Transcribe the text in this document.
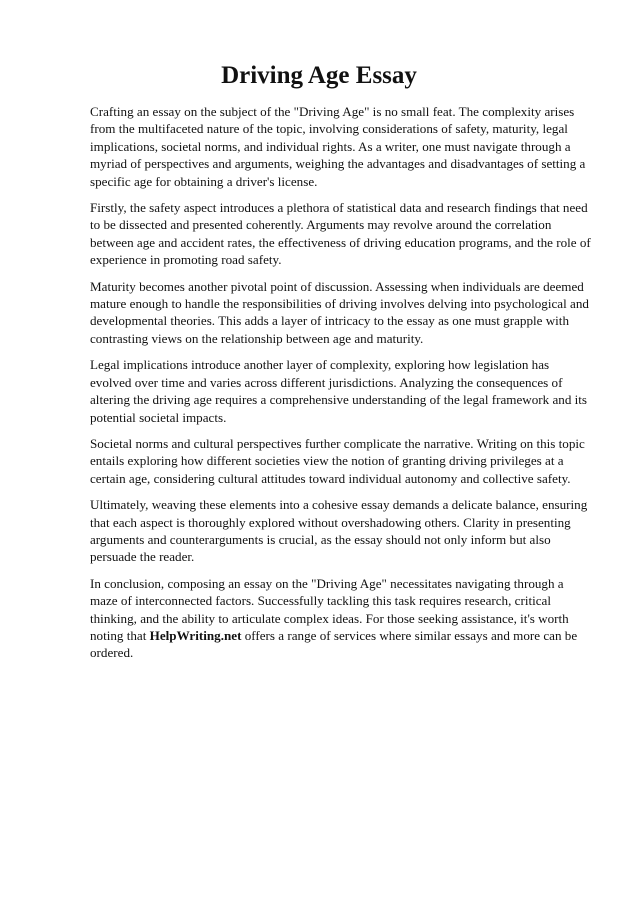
Driving Age Essay

Crafting an essay on the subject of the "Driving Age" is no small feat. The complexity arises from the multifaceted nature of the topic, involving considerations of safety, maturity, legal implications, societal norms, and individual rights. As a writer, one must navigate through a myriad of perspectives and arguments, weighing the advantages and disadvantages of setting a specific age for obtaining a driver's license.

Firstly, the safety aspect introduces a plethora of statistical data and research findings that need to be dissected and presented coherently. Arguments may revolve around the correlation between age and accident rates, the effectiveness of driving education programs, and the role of experience in promoting road safety.

Maturity becomes another pivotal point of discussion. Assessing when individuals are deemed mature enough to handle the responsibilities of driving involves delving into psychological and developmental theories. This adds a layer of intricacy to the essay as one must grapple with contrasting views on the relationship between age and maturity.

Legal implications introduce another layer of complexity, exploring how legislation has evolved over time and varies across different jurisdictions. Analyzing the consequences of altering the driving age requires a comprehensive understanding of the legal framework and its potential societal impacts.

Societal norms and cultural perspectives further complicate the narrative. Writing on this topic entails exploring how different societies view the notion of granting driving privileges at a certain age, considering cultural attitudes toward individual autonomy and collective safety.

Ultimately, weaving these elements into a cohesive essay demands a delicate balance, ensuring that each aspect is thoroughly explored without overshadowing others. Clarity in presenting arguments and counterarguments is crucial, as the essay should not only inform but also persuade the reader.

In conclusion, composing an essay on the "Driving Age" necessitates navigating through a maze of interconnected factors. Successfully tackling this task requires research, critical thinking, and the ability to articulate complex ideas. For those seeking assistance, it's worth noting that HelpWriting.net offers a range of services where similar essays and more can be ordered.
